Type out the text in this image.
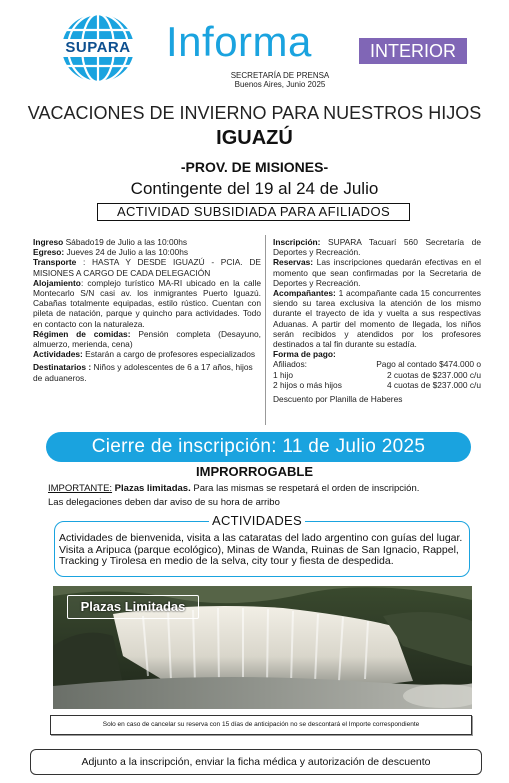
SUPARA Informa	INTERIOR
SECRETARÍA DE PRENSA
Buenos Aires, Junio 2025
VACACIONES DE INVIERNO PARA NUESTROS HIJOS
IGUAZÚ
-PROV. DE MISIONES-
Contingente del 19 al 24 de Julio
ACTIVIDAD SUBSIDIADA PARA AFILIADOS
Ingreso Sábado19 de Julio a las 10:00hs
Egreso: Jueves 24 de Julio a las 10:00hs
Transporte : HASTA Y DESDE IGUAZÚ - PCIA. DE MISIONES A CARGO DE CADA DELEGACIÓN
Alojamiento: complejo turístico MA-RI ubicado en la calle Montecarlo S/N casi av. los inmigrantes Puerto Iguazú. Cabañas totalmente equipadas, estilo rústico. Cuentan con pileta de natación, parque y quincho para actividades. Todo en contacto con la naturaleza.
Régimen de comidas: Pensión completa (Desayuno, almuerzo, merienda, cena)
Actividades: Estarán a cargo de profesores especializados
Destinatarios : Niños y adolescentes de 6 a 17 años, hijos de aduaneros.
Inscripción: SUPARA Tacuarí 560 Secretaría de Deportes y Recreación.
Reservas: Las inscripciones quedarán efectivas en el momento que sean confirmadas por la Secretaria de Deportes y Recreación.
Acompañantes: 1 acompañante cada 15 concurrentes siendo su tarea exclusiva la atención de los mismo durante el trayecto de ida y vuelta a sus respectivas Aduanas. A partir del momento de llegada, los niños serán recibidos y atendidos por los profesores destinados a tal fin durante su estadía.
Forma de pago:
Afiliados:	Pago al contado $474.000 o
1 hijo	2 cuotas de $237.000 c/u
2 hijos o más hijos	4 cuotas de $237.000 c/u
Descuento por Planilla de Haberes
Cierre de inscripción: 11 de Julio 2025
IMPRORROGABLE
IMPORTANTE: Plazas limitadas. Para las mismas se respetará el orden de inscripción.
Las delegaciones deben dar aviso de su hora de arribo
ACTIVIDADES
Actividades de bienvenida, visita a las cataratas del lado argentino con guías del lugar. Visita a Aripuca (parque ecológico), Minas de Wanda, Ruinas de San Ignacio, Rappel, Tracking y Tirolesa en medio de la selva, city tour y fiesta de despedida.
Plazas Limitadas
Solo en caso de cancelar su reserva con 15 días de anticipación no se descontará el Importe correspondiente
Adjunto a la inscripción, enviar la ficha médica y autorización de descuento
